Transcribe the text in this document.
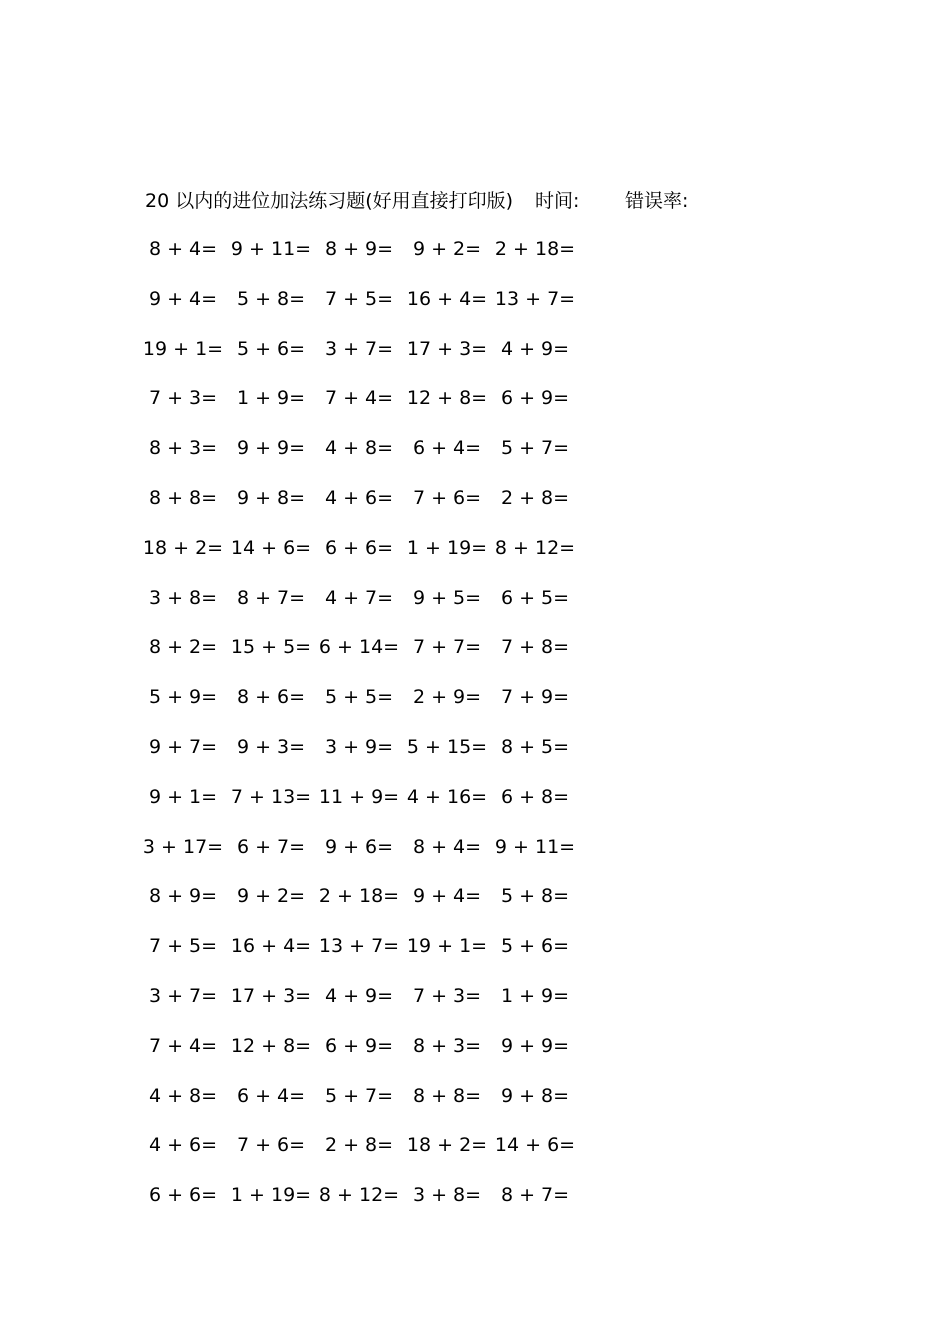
20 以内的进位加法练习题(好用直接打印版) 时间: 错误率:
8 + 4= 9 + 11= 8 + 9=	9 + 2= 2 + 18=
9 + 4=	5 + 8=	7 + 5= 16 + 4= 13 + 7=
19 + 1= 5 + 6=	3 + 7= 17 + 3= 4 + 9=
7 + 3=	1 + 9=	7 + 4= 12 + 8= 6 + 9=
8 + 3=	9 + 9=	4 + 8=	6 + 4=	5 + 7=
8 + 8=	9 + 8=	4 + 6=	7 + 6=	2 + 8=
18 + 2= 14 + 6= 6 + 6= 1 + 19= 8 + 12=
3 + 8=	8 + 7=	4 + 7=	9 + 5=	6 + 5=
8 + 2= 15 + 5= 6 + 14= 7 + 7=	7 + 8=
5 + 9=	8 + 6=	5 + 5=	2 + 9=	7 + 9=
9 + 7=	9 + 3=	3 + 9= 5 + 15= 8 + 5=
9 + 1= 7 + 13= 11 + 9= 4 + 16= 6 + 8=
3 + 17= 6 + 7=	9 + 6=	8 + 4= 9 + 11=
8 + 9=	9 + 2= 2 + 18= 9 + 4=	5 + 8=
7 + 5= 16 + 4= 13 + 7= 19 + 1= 5 + 6=
3 + 7= 17 + 3= 4 + 9=	7 + 3=	1 + 9=
7 + 4= 12 + 8= 6 + 9=	8 + 3=	9 + 9=
4 + 8=	6 + 4=	5 + 7=	8 + 8=	9 + 8=
4 + 6=	7 + 6=	2 + 8= 18 + 2= 14 + 6=
6 + 6= 1 + 19= 8 + 12= 3 + 8=	8 + 7=
